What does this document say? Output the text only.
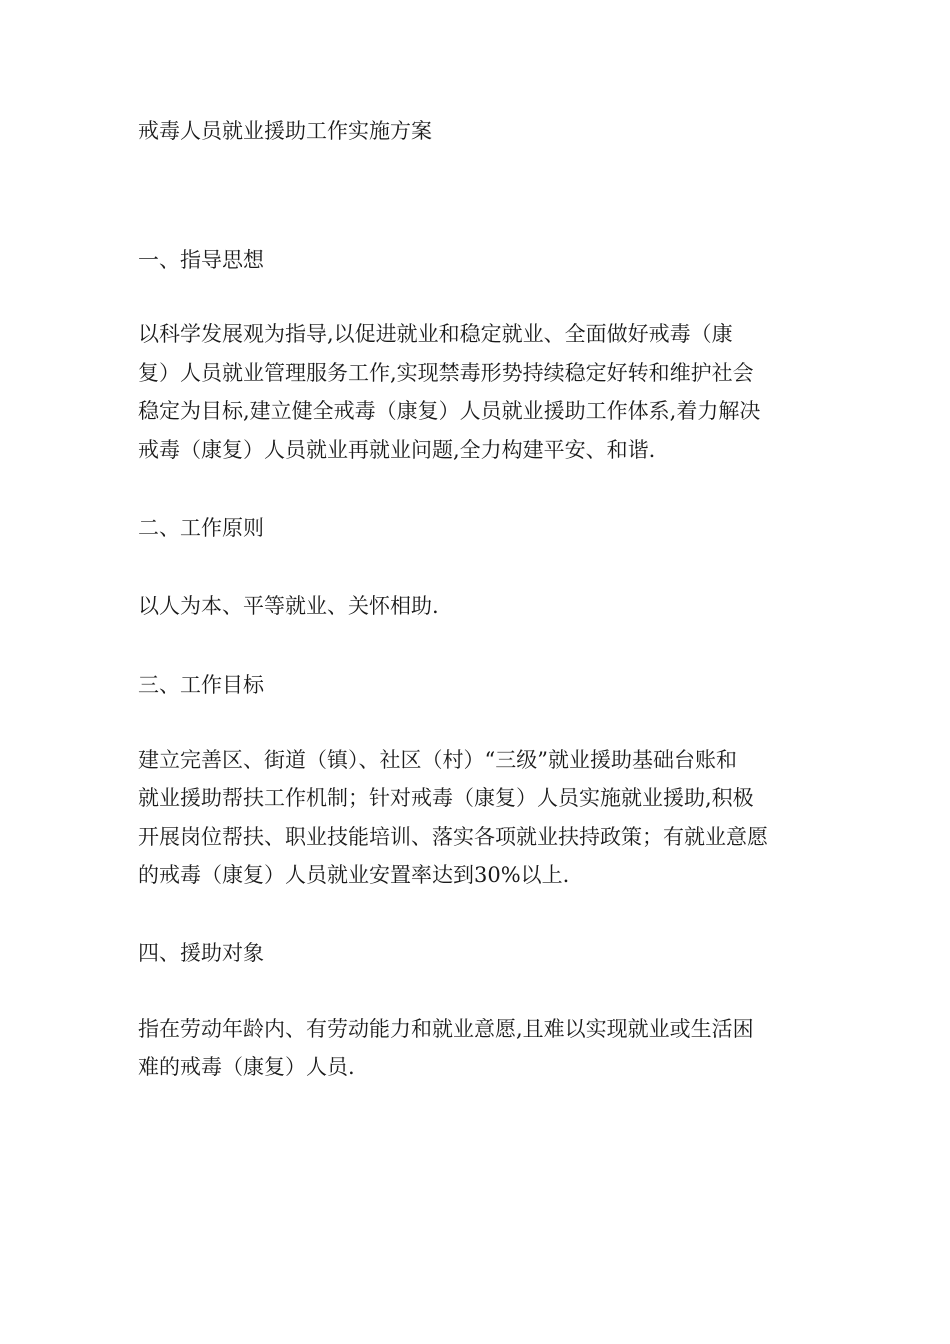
戒毒人员就业援助工作实施方案
一、指导思想

以科学发展观为指导,以促进就业和稳定就业、全面做好戒毒（康
复）人员就业管理服务工作,实现禁毒形势持续稳定好转和维护社会
稳定为目标,建立健全戒毒（康复）人员就业援助工作体系,着力解决
戒毒（康复）人员就业再就业问题,全力构建平安、和谐.

二、工作原则

以人为本、平等就业、关怀相助.

三、工作目标

建立完善区、街道（镇）、社区（村）“三级”就业援助基础台账和
就业援助帮扶工作机制；针对戒毒（康复）人员实施就业援助,积极
开展岗位帮扶、职业技能培训、落实各项就业扶持政策；有就业意愿
的戒毒（康复）人员就业安置率达到30%以上.

四、援助对象

指在劳动年龄内、有劳动能力和就业意愿,且难以实现就业或生活困
难的戒毒（康复）人员.
